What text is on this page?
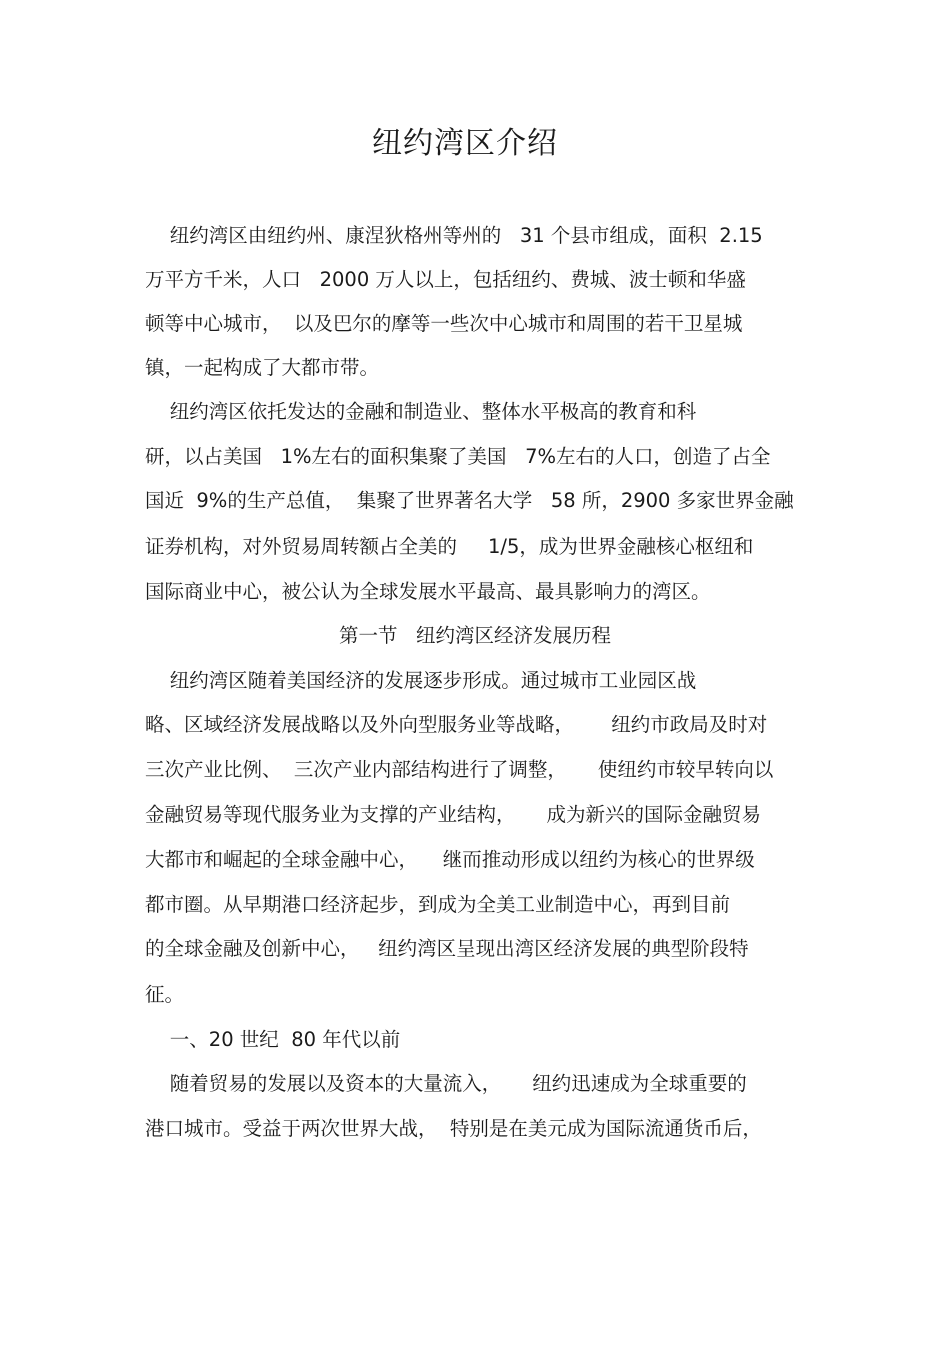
纽约湾区介绍

纽约湾区由纽约州、康涅狄格州等州的   31 个县市组成，面积  2.15

万平方千米，人口   2000 万人以上，包括纽约、费城、波士顿和华盛

顿等中心城市，  以及巴尔的摩等一些次中心城市和周围的若干卫星城

镇，一起构成了大都市带。

纽约湾区依托发达的金融和制造业、整体水平极高的教育和科

研，以占美国   1%左右的面积集聚了美国   7%左右的人口，创造了占全

国近  9%的生产总值，  集聚了世界著名大学   58 所，2900 多家世界金融

证券机构，对外贸易周转额占全美的     1/5，成为世界金融核心枢纽和

国际商业中心，被公认为全球发展水平最高、最具影响力的湾区。

第一节   纽约湾区经济发展历程

纽约湾区随着美国经济的发展逐步形成。通过城市工业园区战

略、区域经济发展战略以及外向型服务业等战略，      纽约市政局及时对

三次产业比例、  三次产业内部结构进行了调整，     使纽约市较早转向以

金融贸易等现代服务业为支撑的产业结构，     成为新兴的国际金融贸易

大都市和崛起的全球金融中心，    继而推动形成以纽约为核心的世界级

都市圈。从早期港口经济起步，到成为全美工业制造中心，再到目前

的全球金融及创新中心，   纽约湾区呈现出湾区经济发展的典型阶段特

征。

一、20 世纪  80 年代以前

随着贸易的发展以及资本的大量流入，     纽约迅速成为全球重要的

港口城市。受益于两次世界大战，  特别是在美元成为国际流通货币后，
